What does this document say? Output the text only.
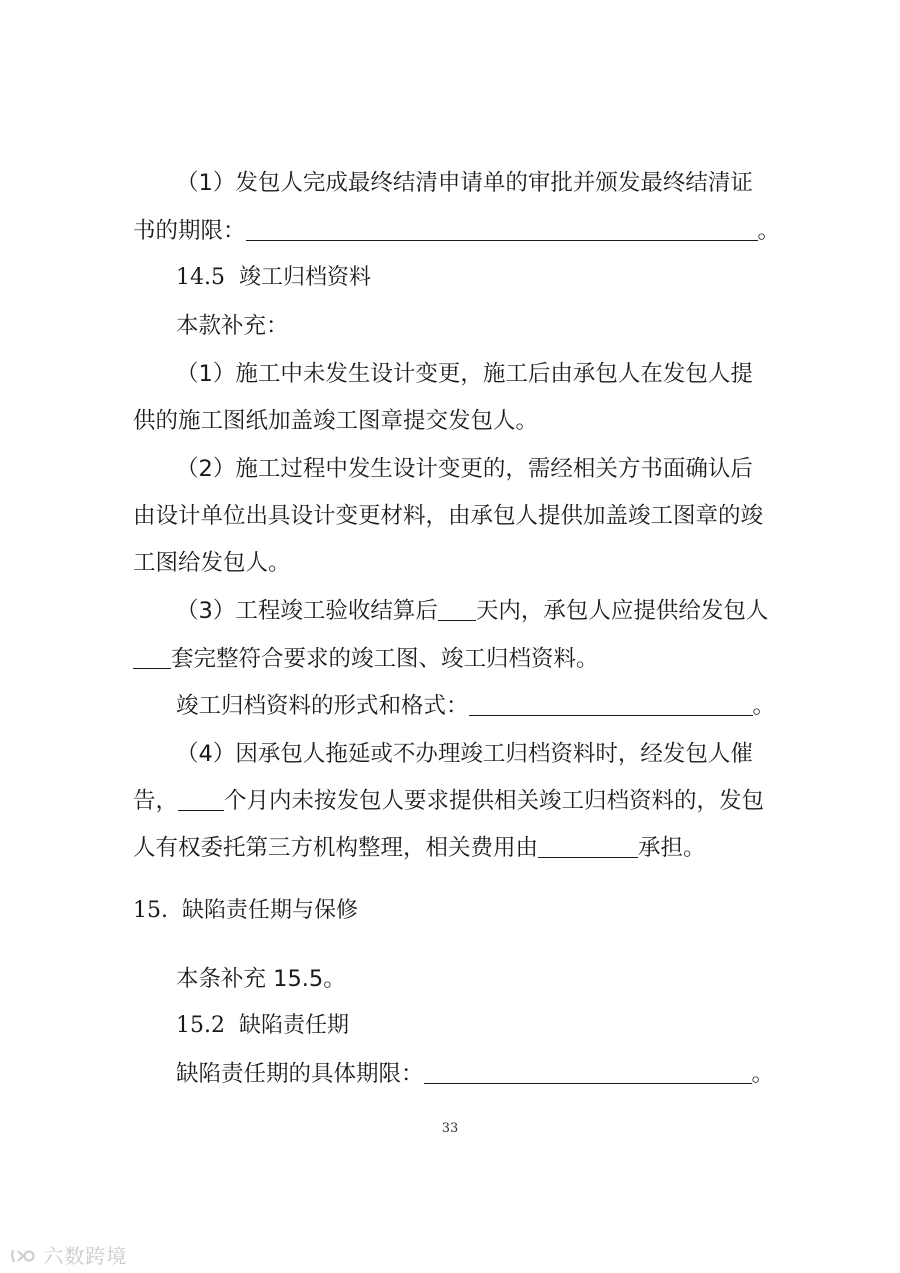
（1）发包人完成最终结清申请单的审批并颁发最终结清证
书的期限：	。
14.5 竣工归档资料
本款补充：
（1）施工中未发生设计变更，施工后由承包人在发包人提
供的施工图纸加盖竣工图章提交发包人。
（2）施工过程中发生设计变更的，需经相关方书面确认后
由设计单位出具设计变更材料，由承包人提供加盖竣工图章的竣
工图给发包人。
（3）工程竣工验收结算后 天内，承包人应提供给发包人
套完整符合要求的竣工图、竣工归档资料。
竣工归档资料的形式和格式：	。
（4）因承包人拖延或不办理竣工归档资料时，经发包人催
告， 个月内未按发包人要求提供相关竣工归档资料的，发包
人有权委托第三方机构整理，相关费用由	承担。
15. 缺陷责任期与保修
本条补充 15.5。
15.2 缺陷责任期
缺陷责任期的具体期限：	。
33
六数跨境
